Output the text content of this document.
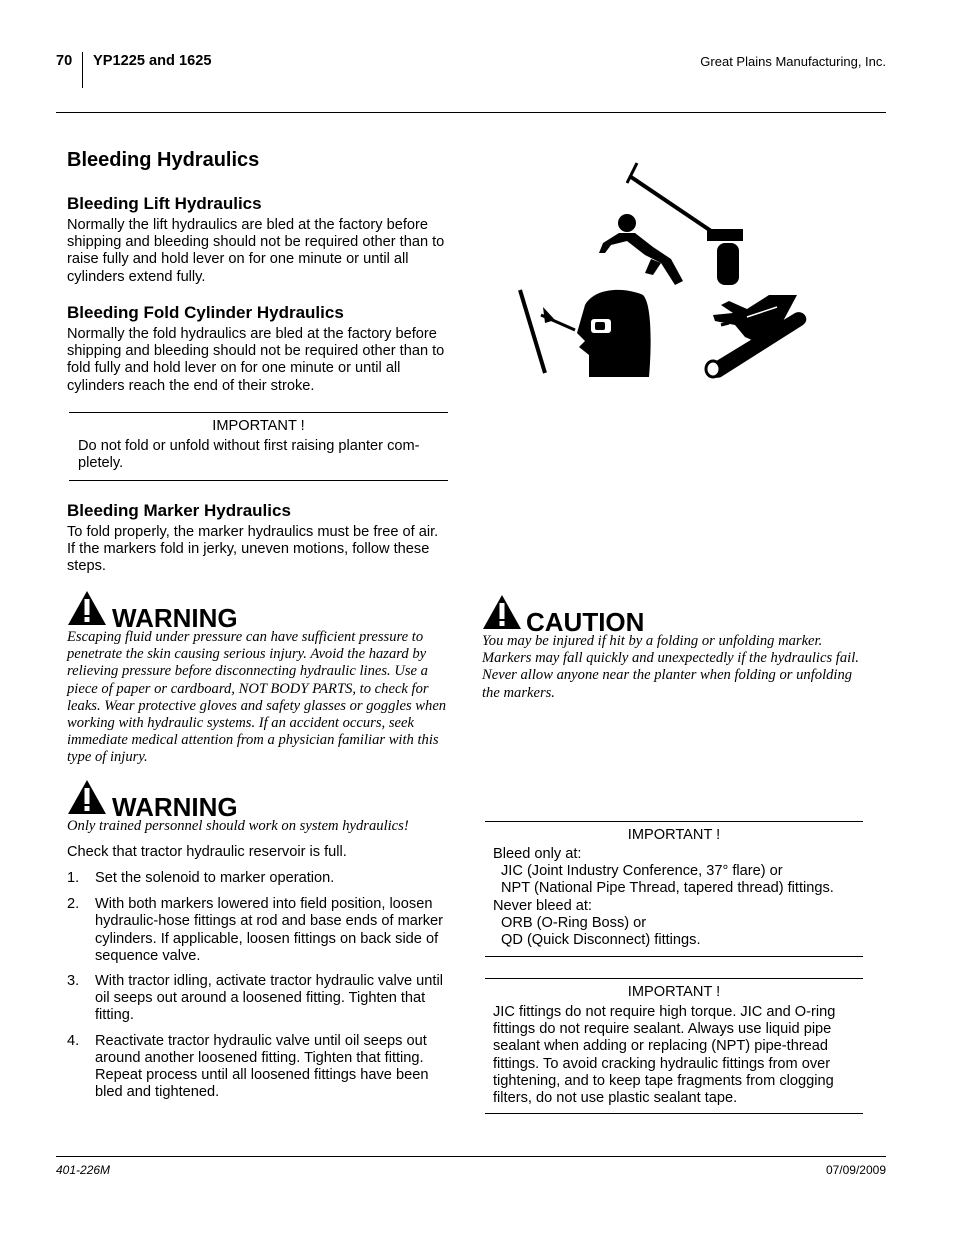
70 YP1225 and 1625	Great Plains Manufacturing, Inc.
Bleeding Hydraulics
Bleeding Lift Hydraulics
Normally the lift hydraulics are bled at the factory before shipping and bleeding should not be required other than to raise fully and hold lever on for one minute or until all cylinders extend fully.
Bleeding Fold Cylinder Hydraulics
Normally the fold hydraulics are bled at the factory before shipping and bleeding should not be required other than to fold fully and hold lever on for one minute or until all cylinders reach the end of their stroke.
IMPORTANT !
Do not fold or unfold without first raising planter com-pletely.
Bleeding Marker Hydraulics
To fold properly, the marker hydraulics must be free of air. If the markers fold in jerky, uneven motions, follow these steps.
WARNING
Escaping fluid under pressure can have sufficient pressure to penetrate the skin causing serious injury. Avoid the hazard by relieving pressure before disconnecting hydraulic lines. Use a piece of paper or cardboard, NOT BODY PARTS, to check for leaks. Wear protective gloves and safety glasses or goggles when working with hydraulic systems. If an accident occurs, seek immediate medical attention from a physician familiar with this type of injury.
WARNING
Only trained personnel should work on system hydraulics!
Check that tractor hydraulic reservoir is full.
1. Set the solenoid to marker operation.
2. With both markers lowered into field position, loosen hydraulic-hose fittings at rod and base ends of marker cylinders. If applicable, loosen fittings on back side of sequence valve.
3. With tractor idling, activate tractor hydraulic valve until oil seeps out around a loosened fitting. Tighten that fitting.
4. Reactivate tractor hydraulic valve until oil seeps out around another loosened fitting. Tighten that fitting. Repeat process until all loosened fittings have been bled and tightened.
CAUTION
You may be injured if hit by a folding or unfolding marker. Markers may fall quickly and unexpectedly if the hydraulics fail. Never allow anyone near the planter when folding or unfolding the markers.
IMPORTANT !
Bleed only at:
JIC (Joint Industry Conference, 37° flare) or
NPT (National Pipe Thread, tapered thread) fittings.
Never bleed at:
ORB (O-Ring Boss) or
QD (Quick Disconnect) fittings.
IMPORTANT !
JIC fittings do not require high torque. JIC and O-ring fittings do not require sealant. Always use liquid pipe sealant when adding or replacing (NPT) pipe-thread fittings. To avoid cracking hydraulic fittings from over tightening, and to keep tape fragments from clogging filters, do not use plastic sealant tape.
401-226M	07/09/2009
